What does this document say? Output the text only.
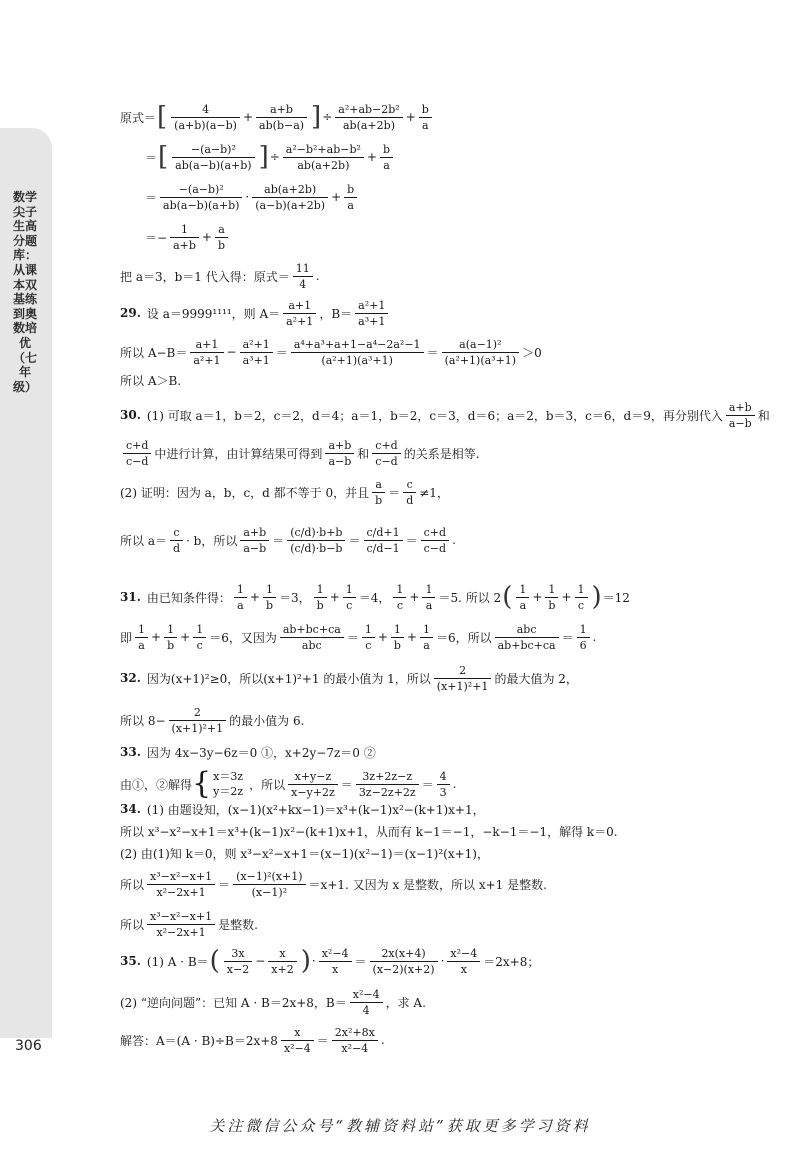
数学尖子生高分题库：从课本双基练到奥数培优（七年级）
306
原式＝ [ $\frac{4}{(a+b)(a-b)} + \frac{a+b}{ab(b-a)}$ ] ÷ $\frac{\text{a²+ab−2b²}}{ab(a+2b)} + \frac{b}{a}$
＝ [ $\frac{\text{−(a−b)²}}{ab(a-b)(a+b)}$ ] ÷ $\frac{\text{a²−b²+ab−b²}}{ab(a+2b)} + \frac{b}{a}$
＝ $\frac{\text{−(a−b)²}}{ab(a-b)(a+b)} \cdot \frac{ab(a+2b)}{(a-b)(a+2b)} + \frac{b}{a}$
＝− $\frac{1}{a+b} + \frac{a}{b}$
把 a＝3，b＝1 代入得：原式＝ $\frac{11}{4}$ .
29. 设 a＝9999¹¹¹¹，则 $A= \frac{a+1}{\text{a²+1}}$ ，$B= \frac{\text{a²+1}}{\text{a³+1}}$
所以 $A-B= \frac{a+1}{\text{a²+1}} - \frac{\text{a²+1}}{\text{a³+1}} = \frac{\text{a⁴+a³+a+1−a⁴−2a²−1}}{\text{(a²+1)(a³+1)}} = \frac{\text{a(a−1)²}}{\text{(a²+1)(a³+1)}} >0$
所以 A＞B.
30. (1) 可取 a＝1，b＝2，c＝2，d＝4；a＝1，b＝2，c＝3，d＝6；a＝2，b＝3，c＝6，d＝9，再分别代入 $\frac{a+b}{a-b}$ 和
$\frac{c+d}{c-d}$ 中进行计算，由计算结果可得到 $\frac{a+b}{a-b}$ 和 $\frac{c+d}{c-d}$ 的关系是相等.
(2) 证明：因为 a，b，c，d 都不等于 0，并且 $\frac{a}{b} = \frac{c}{d} \ne 1$，
所以 $a= \frac{c}{d} \cdot b$，所以 $\frac{a+b}{a-b} = \frac{(c/d)\cdot b+b}{(c/d)\cdot b-b} = \frac{c/d+1}{c/d-1} = \frac{c+d}{c-d}$ .
31. 由已知条件得： $\frac{1}{a} + \frac{1}{b} =3$， $\frac{1}{b} + \frac{1}{c} =4$， $\frac{1}{c} + \frac{1}{a} =5$. 所以 2 ( $\frac{1}{a} + \frac{1}{b} + \frac{1}{c}$ ) ＝12
即 $\frac{1}{a} + \frac{1}{b} + \frac{1}{c} =6$，又因为 $\frac{ab+bc+ca}{\text{abc}} = \frac{1}{c} + \frac{1}{b} + \frac{1}{a} =6$，所以 $\frac{\text{abc}}{ab+bc+ca} = \frac{1}{6}$ .
32. 因为(x+1)²≥0，所以(x+1)²+1 的最小值为 1，所以 $\frac{2}{\text{(x+1)²+1}}$ 的最大值为 2，
所以 $8- \frac{2}{\text{(x+1)²+1}}$ 的最小值为 6.
33. 因为 4x−3y−6z＝0 ①，x+2y−7z＝0 ②
由①，②解得 { x＝3z
y＝2z ，所以 $\frac{x+y-z}{x-y+2z} = \frac{3z+2z-z}{3z-2z+2z} = \frac{4}{3}$ .
34. (1) 由题设知，(x−1)(x²+kx−1)＝x³+(k−1)x²−(k+1)x+1，
所以 x³−x²−x+1＝x³+(k−1)x²−(k+1)x+1，从而有 k−1＝−1，−k−1＝−1，解得 k＝0.
(2) 由(1)知 k＝0，则 x³−x²−x+1＝(x−1)(x²−1)＝(x−1)²(x+1)，
所以 $\frac{\text{x³−x²−x+1}}{\text{x²−2x+1}} = \frac{\text{(x−1)²(x+1)}}{\text{(x−1)²}} =x+1$. 又因为 x 是整数，所以 x+1 是整数.
所以 $\frac{\text{x³−x²−x+1}}{\text{x²−2x+1}}$ 是整数.
35. (1) A · B＝ ( $\frac{3x}{x-2} - \frac{x}{x+2}$ ) · $\frac{\text{x²−4}}{x} = \frac{2x(x+4)}{(x-2)(x+2)} \cdot \frac{\text{x²−4}}{x} =2x+8$；
(2) “逆向问题”：已知 A · B＝2x+8，$B= \frac{\text{x²−4}}{4}$ ，求 A.
解答：$A=(A \cdot B)\div B=2x+8 \frac{x}{\text{x²−4}} = \frac{\text{2x²+8x}}{\text{x²−4}}$ .
关注微信公众号“教辅资料站”获取更多学习资料
